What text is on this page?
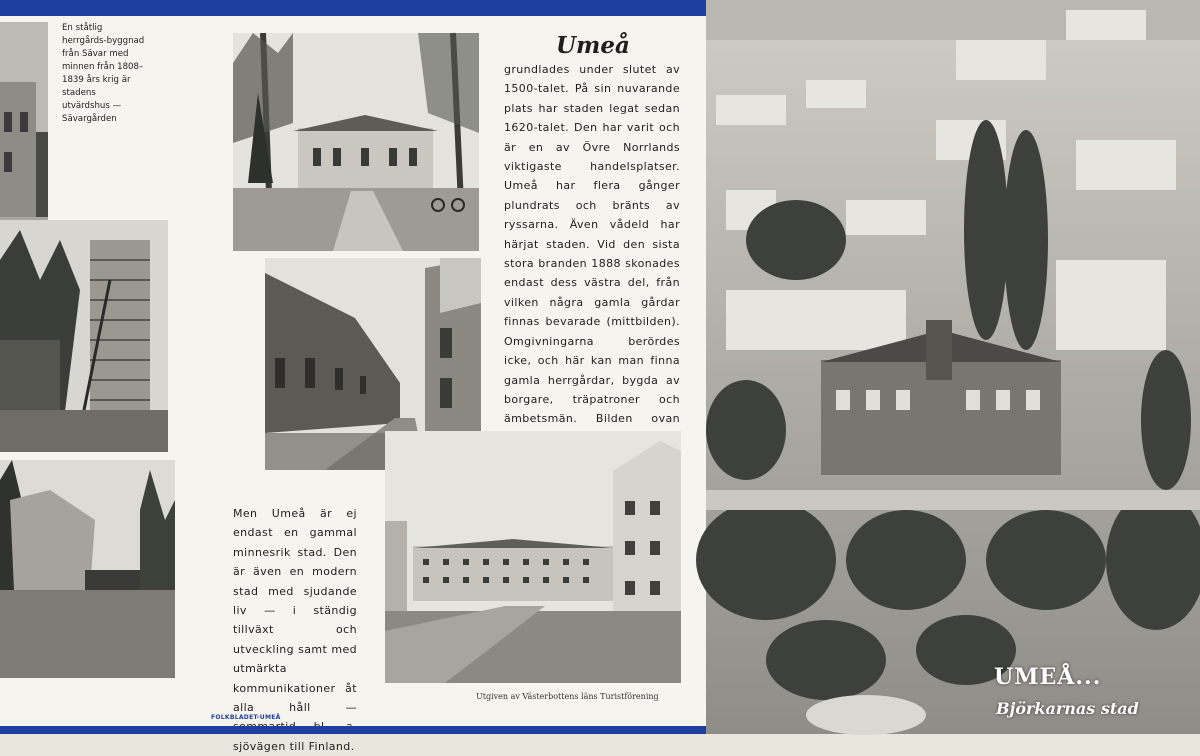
En ståtlig herrgårds-byggnad från Sävar med minnen från 1808–1839 års krig är stadens utvärdshus — Sävargården
Umeå
grundlades under slutet av 1500-talet. På sin nuvarande plats har staden legat sedan 1620-talet. Den har varit och är en av Övre Norrlands viktigaste handelsplatser. Umeå har flera gånger plundrats och bränts av ryssarna. Även vådeld har härjat staden. Vid den sista stora branden 1888 skonades endast dess västra del, från vilken några gamla gårdar finnas bevarade (mittbilden). Omgivningarna berördes icke, och här kan man finna gamla herrgårdar, bygda av borgare, träpatroner och ämbetsmän. Bilden ovan
Men Umeå är ej endast en gammal minnesrik stad. Den är även en modern stad med sjudande liv — i ständig tillväxt och utveckling samt med utmärkta kommunikationer åt alla håll — sjövägen till Finland.
Utgiven av Västerbottens läns Turistförening
FOLKBLADET-UMEÅ
UMEÅ...
Björkarnas stad
